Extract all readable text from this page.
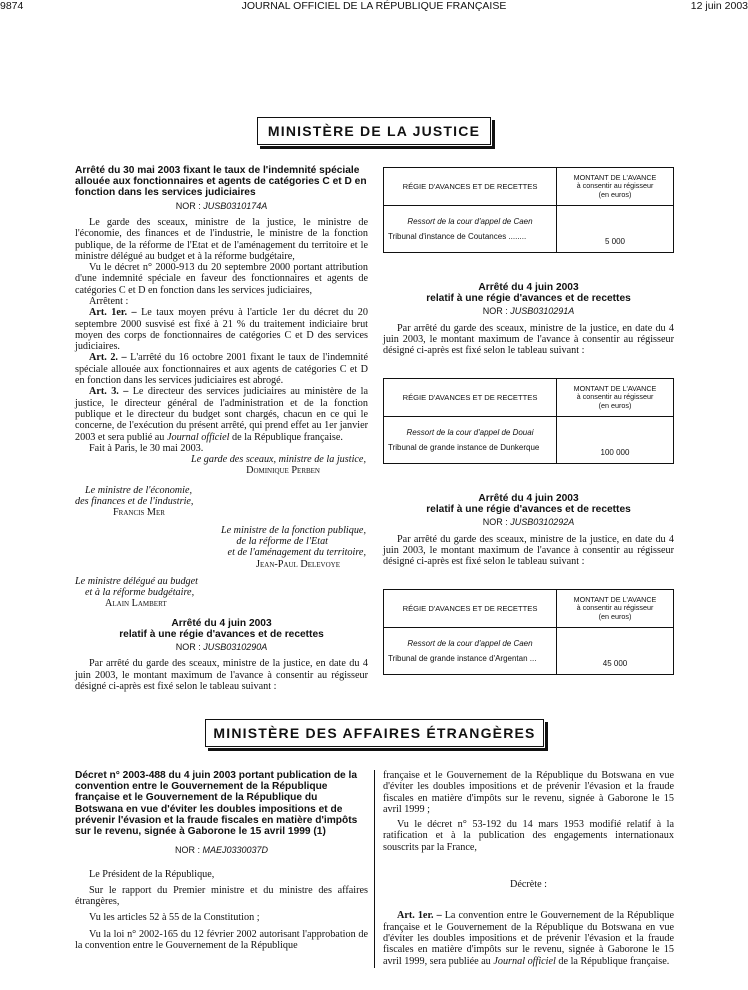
9874	JOURNAL OFFICIEL DE LA RÉPUBLIQUE FRANÇAISE	12 juin 2003
MINISTÈRE DE LA JUSTICE
Arrêté du 30 mai 2003 fixant le taux de l'indemnité spéciale allouée aux fonctionnaires et agents de catégories C et D en fonction dans les services judiciaires
NOR : JUSB0310174A

Le garde des sceaux, ministre de la justice, le ministre de l'économie, des finances et de l'industrie, le ministre de la fonction publique, de la réforme de l'Etat et de l'aménagement du territoire et le ministre délégué au budget et à la réforme budgétaire,

Vu le décret n° 2000-913 du 20 septembre 2000 portant attribution d'une indemnité spéciale en faveur des fonctionnaires et agents de catégories C et D en fonction dans les services judiciaires,

Arrêtent :

Art. 1er. – Le taux moyen prévu à l'article 1er du décret du 20 septembre 2000 susvisé est fixé à 21 % du traitement indiciaire brut moyen des corps de fonctionnaires de catégories C et D des services judiciaires.

Art. 2. – L'arrêté du 16 octobre 2001 fixant le taux de l'indemnité spéciale allouée aux fonctionnaires et aux agents de catégories C et D en fonction dans les services judiciaires est abrogé.

Art. 3. – Le directeur des services judiciaires au ministère de la justice, le directeur général de l'administration et de la fonction publique et le directeur du budget sont chargés, chacun en ce qui le concerne, de l'exécution du présent arrêté, qui prend effet au 1er janvier 2003 et sera publié au Journal officiel de la République française.

Fait à Paris, le 30 mai 2003.

Le garde des sceaux, ministre de la justice,

Dominique Perben

Le ministre de l'économie,

des finances et de l'industrie,

Francis Mer

Le ministre de la fonction publique,

de la réforme de l'Etat

et de l'aménagement du territoire,

Jean-Paul Delevoye

Le ministre délégué au budget

et à la réforme budgétaire,

Alain Lambert

Arrêté du 4 juin 2003
relatif à une régie d'avances et de recettes
NOR : JUSB0310290A

Par arrêté du garde des sceaux, ministre de la justice, en date du 4 juin 2003, le montant maximum de l'avance à consentir au régisseur désigné ci-après est fixé selon le tableau suivant :

RÉGIE D'AVANCES ET DE RECETTES	MONTANT DE L'AVANCE
à consentir au régisseur
(en euros)

Ressort de la cour d'appel de Caen
Tribunal d'instance de Coutances ........	5 000
Arrêté du 4 juin 2003
relatif à une régie d'avances et de recettes
NOR : JUSB0310291A

Par arrêté du garde des sceaux, ministre de la justice, en date du 4 juin 2003, le montant maximum de l'avance à consentir au régisseur désigné ci-après est fixé selon le tableau suivant :

RÉGIE D'AVANCES ET DE RECETTES	MONTANT DE L'AVANCE
à consentir au régisseur
(en euros)

Ressort de la cour d'appel de Douai
Tribunal de grande instance de Dunkerque	100 000
Arrêté du 4 juin 2003
relatif à une régie d'avances et de recettes
NOR : JUSB0310292A

Par arrêté du garde des sceaux, ministre de la justice, en date du 4 juin 2003, le montant maximum de l'avance à consentir au régisseur désigné ci-après est fixé selon le tableau suivant :

RÉGIE D'AVANCES ET DE RECETTES	MONTANT DE L'AVANCE
à consentir au régisseur
(en euros)

Ressort de la cour d'appel de Caen
Tribunal de grande instance d'Argentan ...	45 000
MINISTÈRE DES AFFAIRES ÉTRANGÈRES
Décret n° 2003-488 du 4 juin 2003 portant publication de la convention entre le Gouvernement de la République française et le Gouvernement de la République du Botswana en vue d'éviter les doubles impositions et de prévenir l'évasion et la fraude fiscales en matière d'impôts sur le revenu, signée à Gaborone le 15 avril 1999 (1)
NOR : MAEJ0330037D

Le Président de la République,

Sur le rapport du Premier ministre et du ministre des affaires étrangères,

Vu les articles 52 à 55 de la Constitution ;

Vu la loi n° 2002-165 du 12 février 2002 autorisant l'approbation de la convention entre le Gouvernement de la République

française et le Gouvernement de la République du Botswana en vue d'éviter les doubles impositions et de prévenir l'évasion et la fraude fiscales en matière d'impôts sur le revenu, signée à Gaborone le 15 avril 1999 ;

Vu le décret n° 53-192 du 14 mars 1953 modifié relatif à la ratification et à la publication des engagements internationaux souscrits par la France,

Décrète :

Art. 1er. – La convention entre le Gouvernement de la République française et le Gouvernement de la République du Botswana en vue d'éviter les doubles impositions et de prévenir l'évasion et la fraude fiscales en matière d'impôts sur le revenu, signée à Gaborone le 15 avril 1999, sera publiée au Journal officiel de la République française.
